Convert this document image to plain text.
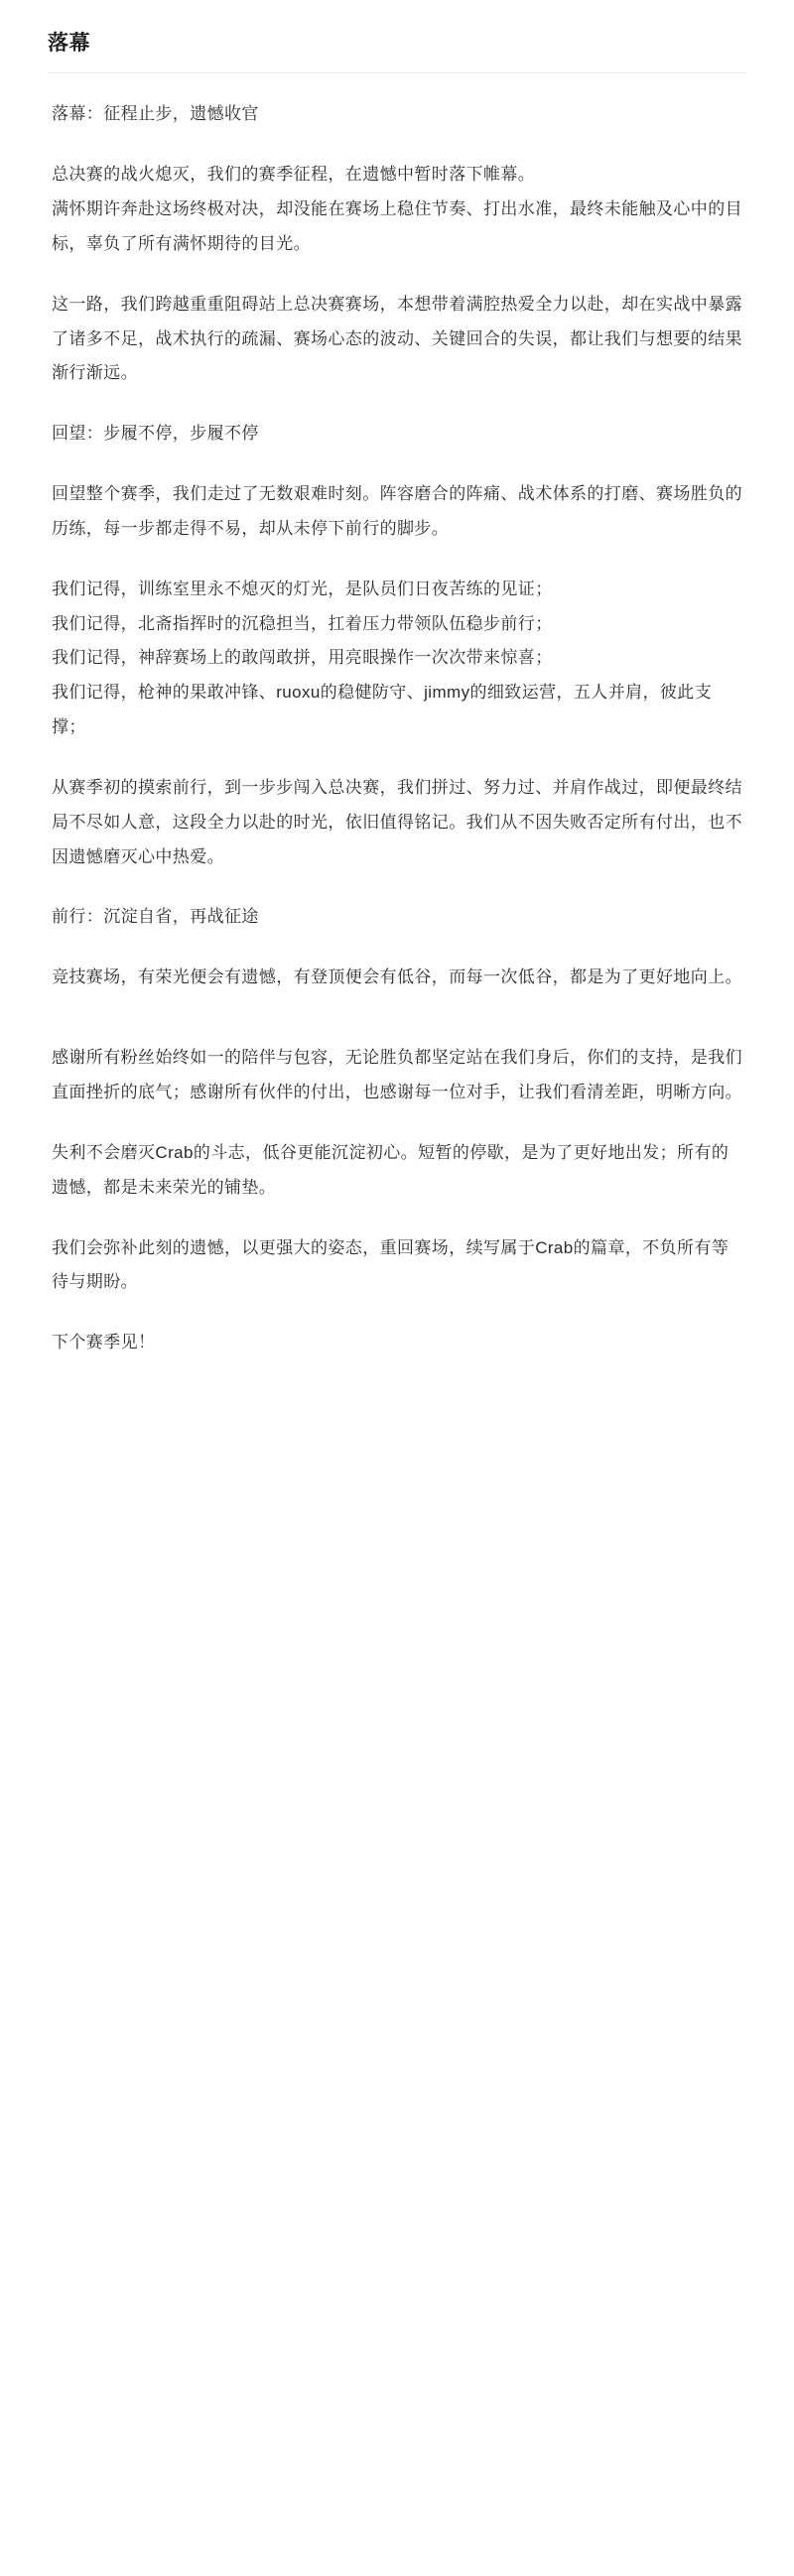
落幕

落幕：征程止步，遗憾收官

总决赛的战火熄灭，我们的赛季征程，在遗憾中暂时落下帷幕。

满怀期许奔赴这场终极对决，却没能在赛场上稳住节奏、打出水准，最终未能触及心中的目标，辜负了所有满怀期待的目光。

这一路，我们跨越重重阻碍站上总决赛赛场，本想带着满腔热爱全力以赴，却在实战中暴露了诸多不足，战术执行的疏漏、赛场心态的波动、关键回合的失误，都让我们与想要的结果渐行渐远。

回望：步履不停，步履不停

回望整个赛季，我们走过了无数艰难时刻。阵容磨合的阵痛、战术体系的打磨、赛场胜负的历练，每一步都走得不易，却从未停下前行的脚步。

我们记得，训练室里永不熄灭的灯光，是队员们日夜苦练的见证；

我们记得，北斋指挥时的沉稳担当，扛着压力带领队伍稳步前行；

我们记得，神辞赛场上的敢闯敢拼，用亮眼操作一次次带来惊喜；

我们记得，枪神的果敢冲锋、ruoxu的稳健防守、jimmy的细致运营，五人并肩，彼此支撑；

从赛季初的摸索前行，到一步步闯入总决赛，我们拼过、努力过、并肩作战过，即便最终结局不尽如人意，这段全力以赴的时光，依旧值得铭记。我们从不因失败否定所有付出，也不因遗憾磨灭心中热爱。

前行：沉淀自省，再战征途

竞技赛场，有荣光便会有遗憾，有登顶便会有低谷，而每一次低谷，都是为了更好地向上。

感谢所有粉丝始终如一的陪伴与包容，无论胜负都坚定站在我们身后，你们的支持，是我们直面挫折的底气；感谢所有伙伴的付出，也感谢每一位对手，让我们看清差距，明晰方向。

失利不会磨灭Crab的斗志，低谷更能沉淀初心。短暂的停歇，是为了更好地出发；所有的遗憾，都是未来荣光的铺垫。

我们会弥补此刻的遗憾，以更强大的姿态，重回赛场，续写属于Crab的篇章，不负所有等待与期盼。

下个赛季见！
